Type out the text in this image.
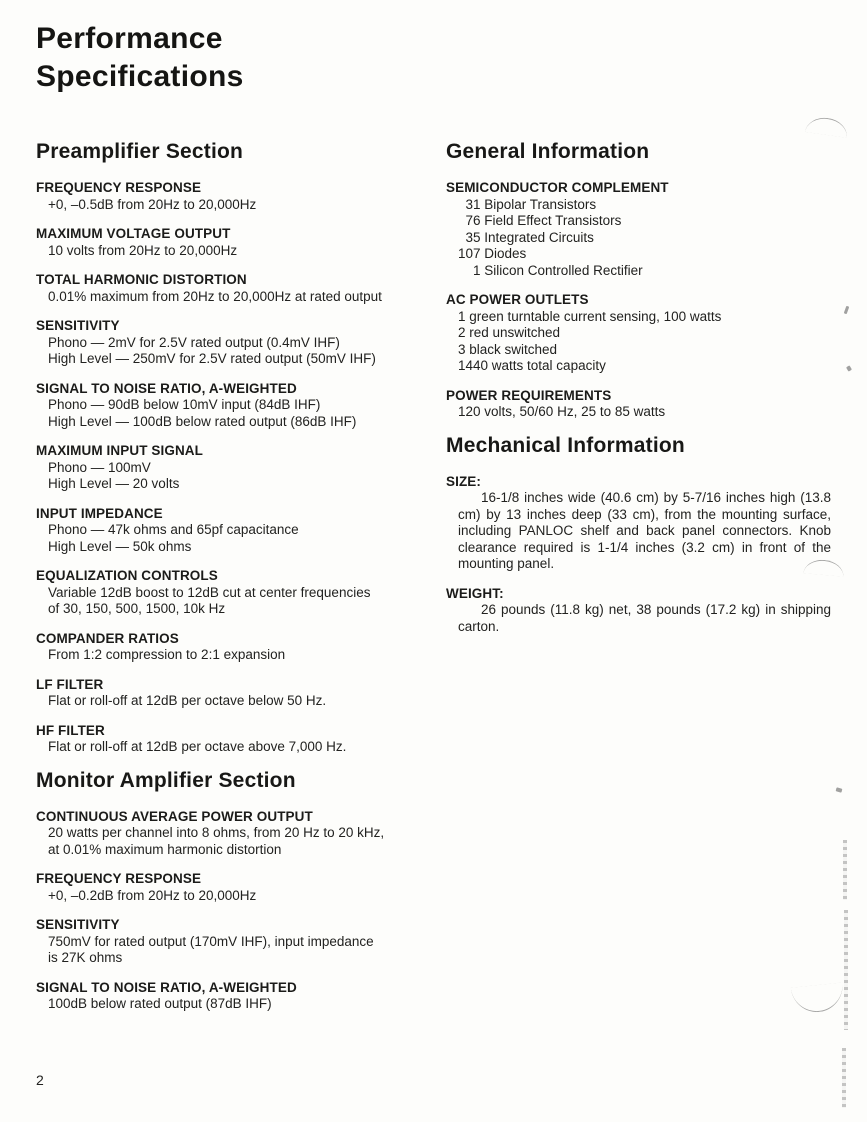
Performance
Specifications
Preamplifier Section
FREQUENCY RESPONSE
+0, –0.5dB from 20Hz to 20,000Hz
MAXIMUM VOLTAGE OUTPUT
10 volts from 20Hz to 20,000Hz
TOTAL HARMONIC DISTORTION
0.01% maximum from 20Hz to 20,000Hz at rated output
SENSITIVITY
Phono — 2mV for 2.5V rated output (0.4mV IHF)
High Level — 250mV for 2.5V rated output (50mV IHF)
SIGNAL TO NOISE RATIO, A-WEIGHTED
Phono — 90dB below 10mV input (84dB IHF)
High Level — 100dB below rated output (86dB IHF)
MAXIMUM INPUT SIGNAL
Phono — 100mV
High Level — 20 volts
INPUT IMPEDANCE
Phono — 47k ohms and 65pf capacitance
High Level — 50k ohms
EQUALIZATION CONTROLS
Variable 12dB boost to 12dB cut at center frequencies
of 30, 150, 500, 1500, 10k Hz
COMPANDER RATIOS
From 1:2 compression to 2:1 expansion
LF FILTER
Flat or roll-off at 12dB per octave below 50 Hz.
HF FILTER
Flat or roll-off at 12dB per octave above 7,000 Hz.
Monitor Amplifier Section
CONTINUOUS AVERAGE POWER OUTPUT
20 watts per channel into 8 ohms, from 20 Hz to 20 kHz,
at 0.01% maximum harmonic distortion
FREQUENCY RESPONSE
+0, –0.2dB from 20Hz to 20,000Hz
SENSITIVITY
750mV for rated output (170mV IHF), input impedance
is 27K ohms
SIGNAL TO NOISE RATIO, A-WEIGHTED
100dB below rated output (87dB IHF)
General Information
SEMICONDUCTOR COMPLEMENT
31 Bipolar Transistors
76 Field Effect Transistors
35 Integrated Circuits
107 Diodes
1 Silicon Controlled Rectifier
AC POWER OUTLETS
1 green turntable current sensing, 100 watts
2 red unswitched
3 black switched
1440 watts total capacity
POWER REQUIREMENTS
120 volts, 50/60 Hz, 25 to 85 watts
Mechanical Information
SIZE:
16-1/8 inches wide (40.6 cm) by 5-7/16 inches high (13.8 cm) by 13 inches deep (33 cm), from the mounting surface, including PANLOC shelf and back panel connectors. Knob clearance required is 1-1/4 inches (3.2 cm) in front of the mounting panel.
WEIGHT:
26 pounds (11.8 kg) net, 38 pounds (17.2 kg) in shipping carton.
2
